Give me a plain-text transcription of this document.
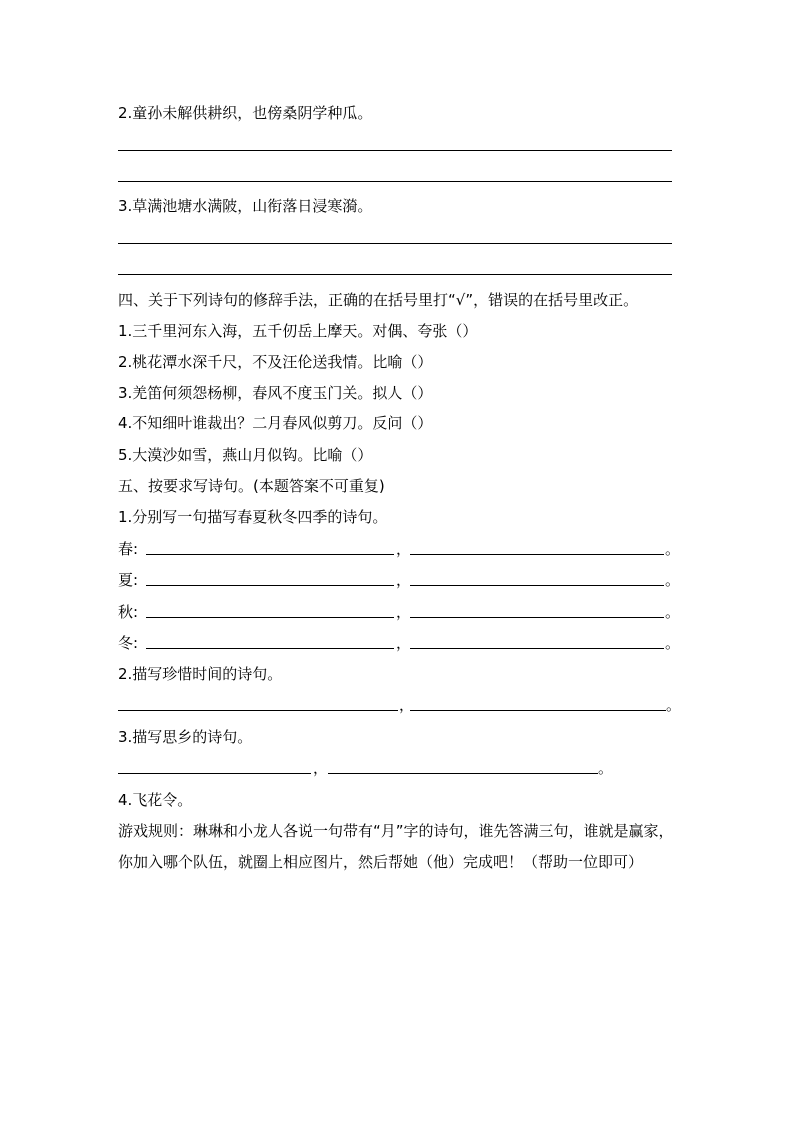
2.童孙未解供耕织，也傍桑阴学种瓜。
3.草满池塘水满陂，山衔落日浸寒漪。
四、关于下列诗句的修辞手法，正确的在括号里打“√”，错误的在括号里改正。
1.三千里河东入海，五千仞岳上摩天。对偶、夸张（）
2.桃花潭水深千尺，不及汪伦送我情。比喻（）
3.羌笛何须怨杨柳，春风不度玉门关。拟人（）
4.不知细叶谁裁出？二月春风似剪刀。反问（）
5.大漠沙如雪，燕山月似钩。比喻（）
五、按要求写诗句。(本题答案不可重复)
1.分别写一句描写春夏秋冬四季的诗句。
春:	，	。
夏:	，	。
秋:	，	。
冬:	，	。
2.描写珍惜时间的诗句。
，	。
3.描写思乡的诗句。
，	。
4.飞花令。
游戏规则：琳琳和小龙人各说一句带有“月”字的诗句，谁先答满三句，谁就是赢家，你加入哪个队伍，就圈上相应图片，然后帮她（他）完成吧！（帮助一位即可）
